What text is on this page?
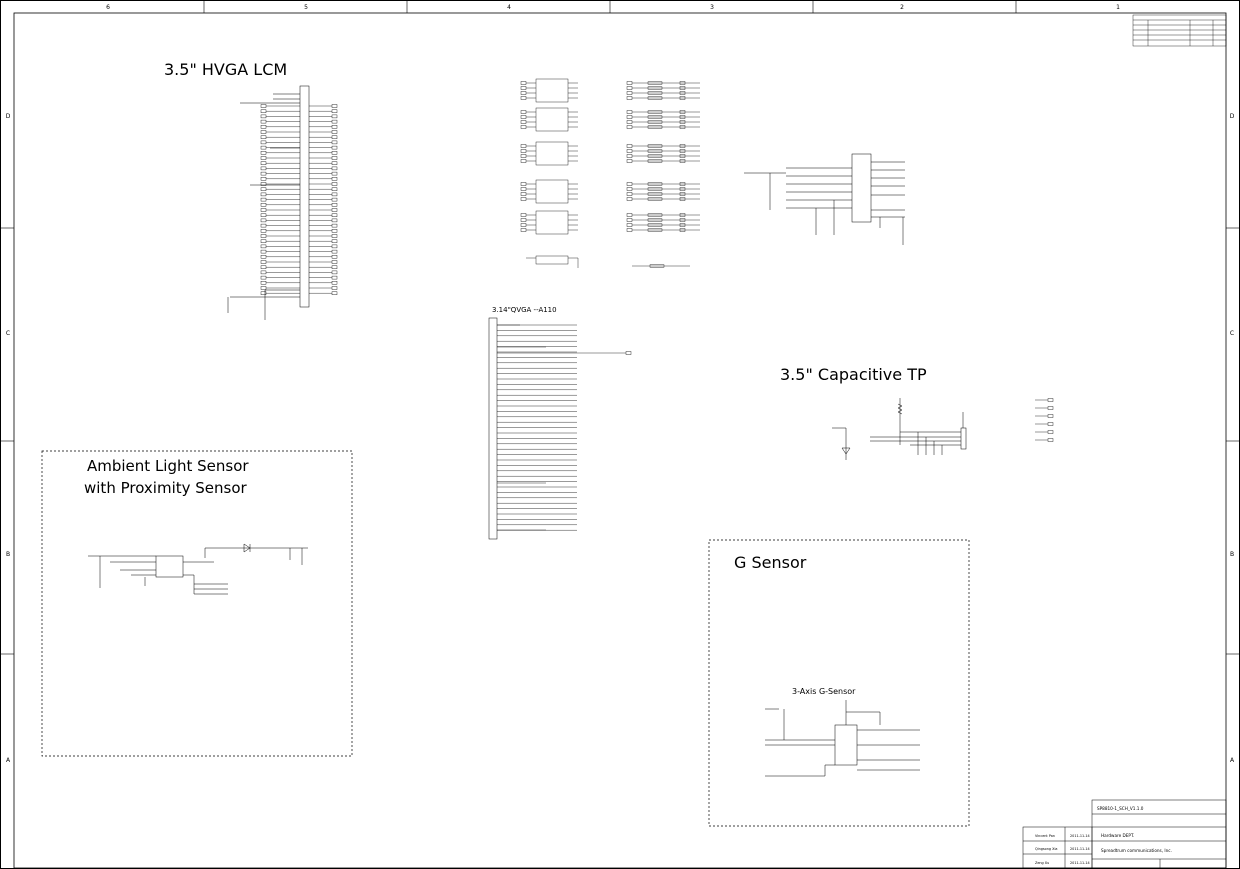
6	5	4	3	2	1
D
C
B
A
D
C
B
A
SP8810-1_SCH_V1.1.0
Hardware DEPT.
Spreadtrum communications, Inc.
Vincent Pan	2011-11-14
Qingsong Xia	2011-11-14
Zeng Xu	2011-11-14
3.5" HVGA LCM
3.14"QVGA --A110
3.5" Capacitive TP
Ambient Light Sensor
with Proximity Sensor
G Sensor
3-Axis G-Sensor
